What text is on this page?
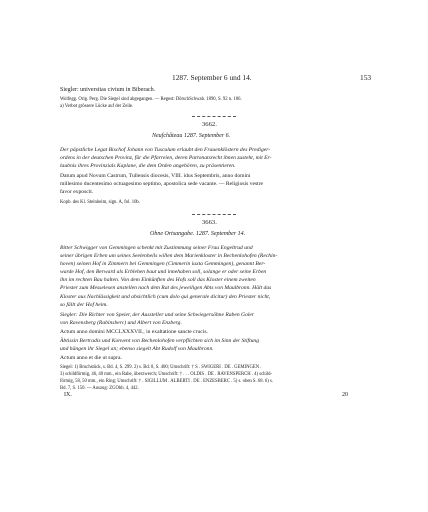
1287. September 6 und 14.	153
Siegler: universitas civium in Biberach.
Wolfegg. Orig. Perg. Die Siegel sind abgegangen. — Regest: DötschSchwab. 1890, S. 92 n. 106.
a) Verbot grössere Lücke auf der Zeile.
3662.
Neufchâteau 1287. September 6.
Der päpstliche Legat Bischof Johann von Tusculum erlaubt den Frauenklöstern des Prediger-
ordens in der deutschen Provinz, für die Pfarreien, deren Patronatsrecht ihnen zusteht, mit Er-
laubnis ihres Provinzials Kaplane, die dem Orden angehören, zu präsentieren.
Datum apud Novum Castrum, Tullensis diocesis, VIII. idus Septembris, anno domini
millesimo ducentesimo octuagesimo septimo, apostolica sede vacante. — Religiosis vestre
favor exposcit.
Kopb. des Kl. Steinheim, sign. A, fol. 10b.
3663.
Ohne Ortsangabe. 1287. September 14.
Bitter Schwigger von Gemmingen schenkt mit Zustimmung seiner Frau Engeltrud und
seiner übrigen Erben um seines Seelenheils willen dem Marienkloster in Bechenlohofen (Rechin-
hoven) seinen Hof in Zimmern bei Gemmingen (Cimmerin iuxta Gemmingen), genannt Ber-
warde Hof, den Berward als Erblehen baut und innehaben soll, solange er oder seine Erben
ihn im rechten Bau halten. Von dem Einkünften des Hofs soll das Kloster einem zweiten
Priester zum Messelesen anstellen nach dem Rat des jeweiligen Abts von Maulbronn. Hält das
Kloster aus Nachlässigkeit und absichtlich (cum dolo qui generale dicitur) den Priester nicht,
so fällt der Hof heim.
Siegler: Die Richter von Speier, der Aussteller und seine Schwiegersöhne Raben Goler
von Ravensberg (Rabinsberc) und Albert von Enzberg.
Actum anno domini MCCLXXXVII., in exaltatione sancte crucis.
Äbtissin Bertradis und Konvent von Bechenlohofen verpflichten sich im Sinn der Stiftung
und hängen ihr Siegel an; ebenso siegelt Abt Rudolf von Maulbronn.
Actum anno et die ut supra.
Siegel: 1) Bruchstück, s. Bd. 4, S. 299. 2) s. Bd. 8, S. 400; Umschrift: † S . SWIGERI . DE . GEMINGEN .
3) schildförmig, 46, 40 mm., ein Rabe, überzwerch; Umschrift: † . . . OLDIS . DE . RAVENSPERCH . 4) schild-
förmig, 58, 50 mm., ein Ring; Umschrift: † . SIGILLUM . ALBERTI . DE . ENZESBERC . 5) s. oben S. 68. 6) s.
Bd. 7, S. 150. — Auszug: ZGObh. 4, 442.
IX.	20
